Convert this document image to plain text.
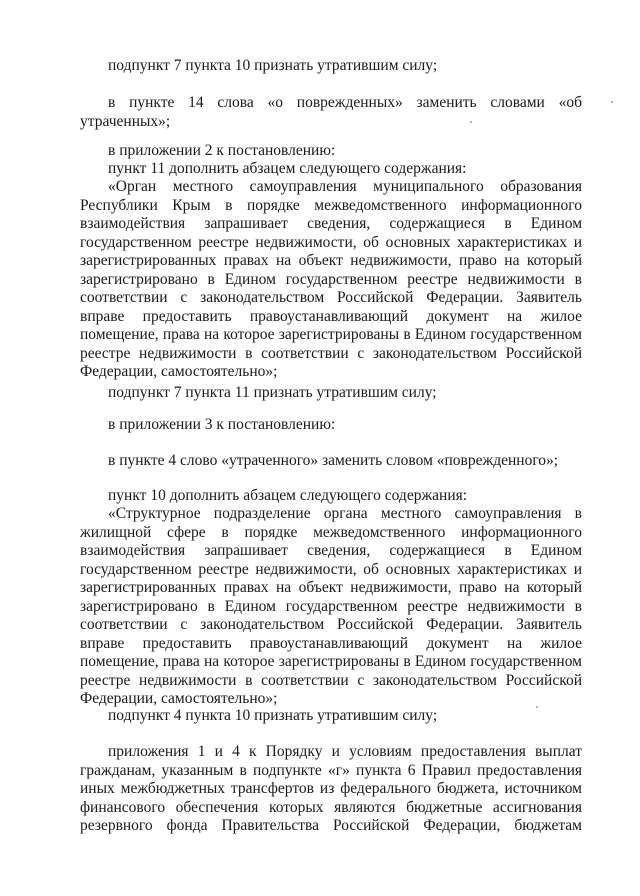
подпункт 7 пункта 10 признать утратившим силу;

в пункте 14 слова «о поврежденных» заменить словами «об утраченных»;

в приложении 2 к постановлению:

пункт 11 дополнить абзацем следующего содержания:

«Орган местного самоуправления муниципального образования Республики Крым в порядке межведомственного информационного взаимодействия запрашивает сведения, содержащиеся в Едином государственном реестре недвижимости, об основных характеристиках и зарегистрированных правах на объект недвижимости, право на который зарегистрировано в Едином государственном реестре недвижимости в соответствии с законодательством Российской Федерации. Заявитель вправе предоставить правоустанавливающий документ на жилое помещение, права на которое зарегистрированы в Едином государственном реестре недвижимости в соответствии с законодательством Российской Федерации, самостоятельно»;

подпункт 7 пункта 11 признать утратившим силу;

в приложении 3 к постановлению:

в пункте 4 слово «утраченного» заменить словом «поврежденного»;

пункт 10 дополнить абзацем следующего содержания:

«Структурное подразделение органа местного самоуправления в жилищной сфере в порядке межведомственного информационного взаимодействия запрашивает сведения, содержащиеся в Едином государственном реестре недвижимости, об основных характеристиках и зарегистрированных правах на объект недвижимости, право на который зарегистрировано в Едином государственном реестре недвижимости в соответствии с законодательством Российской Федерации. Заявитель вправе предоставить правоустанавливающий документ на жилое помещение, права на которое зарегистрированы в Едином государственном реестре недвижимости в соответствии с законодательством Российской Федерации, самостоятельно»;

подпункт 4 пункта 10 признать утратившим силу;

приложения 1 и 4 к Порядку и условиям предоставления выплат гражданам, указанным в подпункте «г» пункта 6 Правил предоставления иных межбюджетных трансфертов из федерального бюджета, источником финансового обеспечения которых являются бюджетные ассигнования резервного фонда Правительства Российской Федерации, бюджетам
